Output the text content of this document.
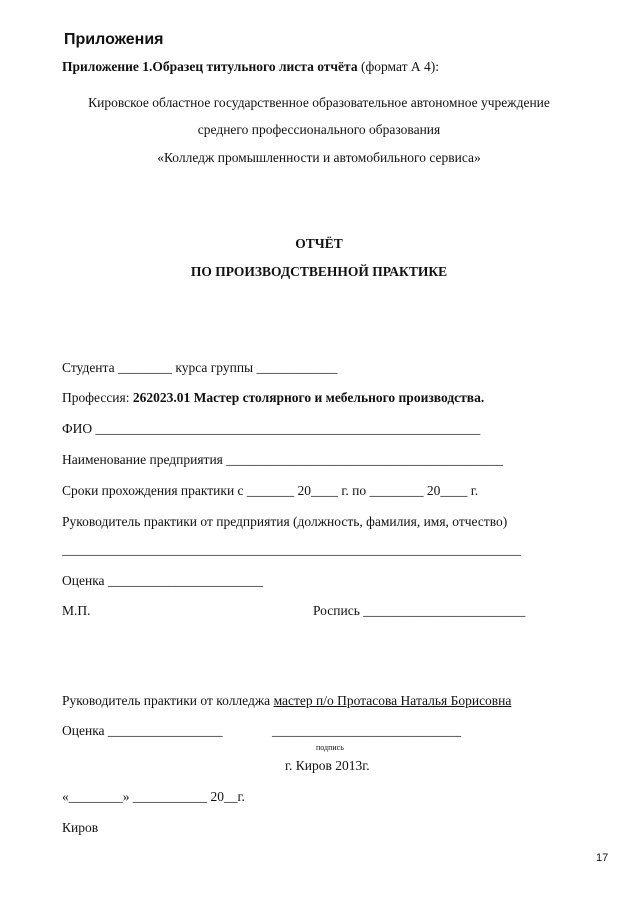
Приложения
Приложение 1.Образец титульного листа отчёта (формат А 4):
Кировское областное государственное образовательное автономное учреждение
среднего профессионального образования
«Колледж промышленности и автомобильного сервиса»
ОТЧЁТ
ПО ПРОИЗВОДСТВЕННОЙ ПРАКТИКЕ
Студента ________ курса группы ____________
Профессия: 262023.01 Мастер столярного и мебельного производства.
ФИО _________________________________________________________
Наименование предприятия _________________________________________
Сроки прохождения практики с _______ 20____ г. по ________ 20____ г.
Руководитель практики от предприятия (должность, фамилия, имя, отчество)
____________________________________________________________________
Оценка _______________________
М.П.	Роспись ________________________
Руководитель практики от колледжа мастер п/о Протасова Наталья Борисовна
Оценка _________________	____________________________
подпись
г. Киров 2013г.
«________» ___________ 20__г.
Киров
17
